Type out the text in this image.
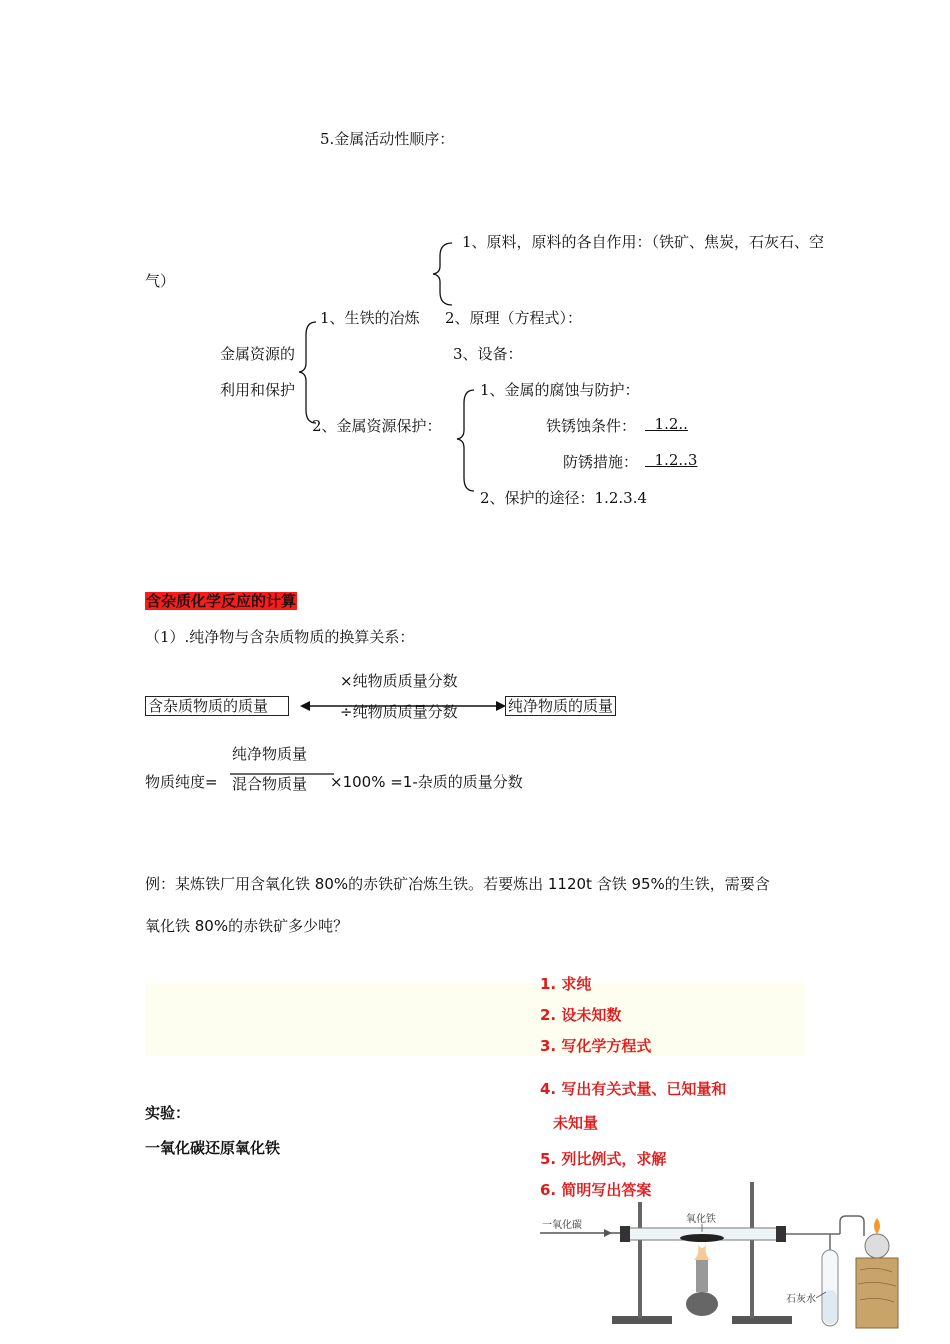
5.金属活动性顺序：
1、原料，原料的各自作用：（铁矿、焦炭，石灰石、空
气）
1、生铁的冶炼 2、原理（方程式）：
金属资源的	3、设备：
利用和保护	1、金属的腐蚀与防护：
2、金属资源保护：	铁锈蚀条件： 1.2..
防锈措施： 1.2..3
2、保护的途径：1.2.3.4
含杂质化学反应的计算
（1）.纯净物与含杂质物质的换算关系：
×纯物质质量分数
含杂质物质的质量	纯净物质的质量
÷纯物质质量分数
纯净物质量
物质纯度= 混合物质量 ×100% =1-杂质的质量分数
例：某炼铁厂用含氧化铁 80%的赤铁矿冶炼生铁。若要炼出 1120t 含铁 95%的生铁，需要含
氧化铁 80%的赤铁矿多少吨？
1. 求纯
2. 设未知数
3. 写化学方程式
4. 写出有关式量、已知量和
未知量
5. 列比例式，求解
6. 简明写出答案
实验：
一氧化碳还原氧化铁
一氧化碳
氧化铁
石灰水
